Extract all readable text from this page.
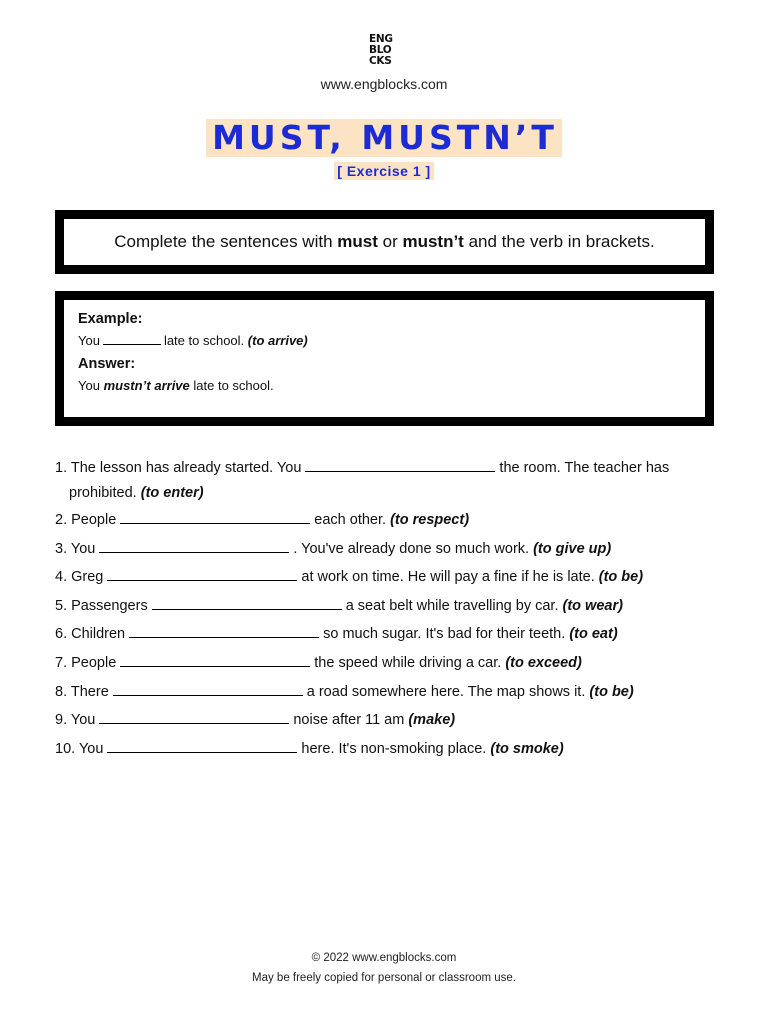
ENG
BLO
CKS
www.engblocks.com
MUST, MUSTN’T
[ Exercise 1 ]

Complete the sentences with must or mustn’t and the verb in brackets.

Example:
You	late to school. (to arrive)
Answer:
You mustn’t arrive late to school.
1. The lesson has already started. You	the room. The teacher has prohibited. (to enter)
2. People	each other. (to respect)
3. You	. You've already done so much work. (to give up)
4. Greg	at work on time. He will pay a fine if he is late. (to be)
5. Passengers	a seat belt while travelling by car. (to wear)
6. Children	so much sugar. It's bad for their teeth. (to eat)
7. People	the speed while driving a car. (to exceed)
8. There	a road somewhere here. The map shows it. (to be)
9. You	noise after 11 am (make)
10. You	here. It's non-smoking place. (to smoke)
© 2022 www.engblocks.com
May be freely copied for personal or classroom use.
